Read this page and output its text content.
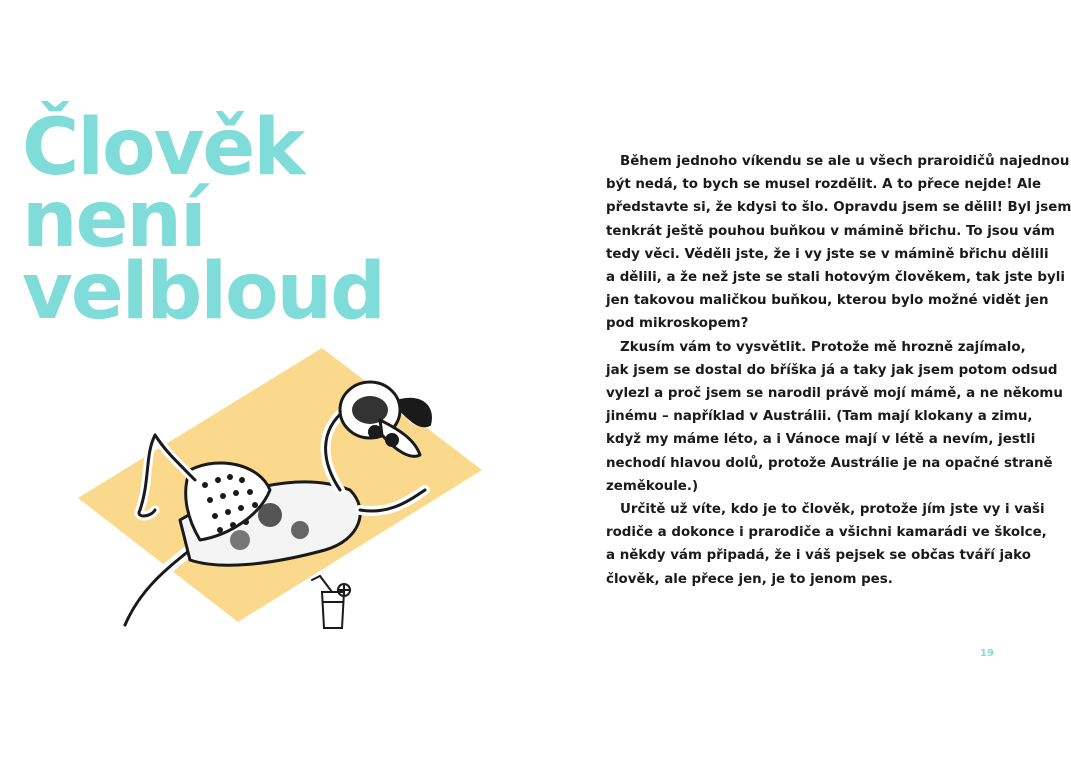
Člověk
není
velbloud
Během jednoho víkendu se ale u všech praroidičů najednou
být nedá, to bych se musel rozdělit. A to přece nejde! Ale
představte si, že kdysi to šlo. Opravdu jsem se dělil! Byl jsem
tenkrát ještě pouhou buňkou v mámině břichu. To jsou vám
tedy věci. Věděli jste, že i vy jste se v mámině břichu dělili
a dělili, a že než jste se stali hotovým člověkem, tak jste byli
jen takovou maličkou buňkou, kterou bylo možné vidět jen
pod mikroskopem?
Zkusím vám to vysvětlit. Protože mě hrozně zajímalo,
jak jsem se dostal do bříška já a taky jak jsem potom odsud
vylezl a proč jsem se narodil právě mojí mámě, a ne někomu
jinému – například v Austrálii. (Tam mají klokany a zimu,
když my máme léto, a i Vánoce mají v létě a nevím, jestli
nechodí hlavou dolů, protože Austrálie je na opačné straně
zeměkoule.)
Určitě už víte, kdo je to člověk, protože jím jste vy i vaši
rodiče a dokonce i prarodiče a všichni kamarádi ve školce,
a někdy vám připadá, že i váš pejsek se občas tváří jako
člověk, ale přece jen, je to jenom pes.
19
